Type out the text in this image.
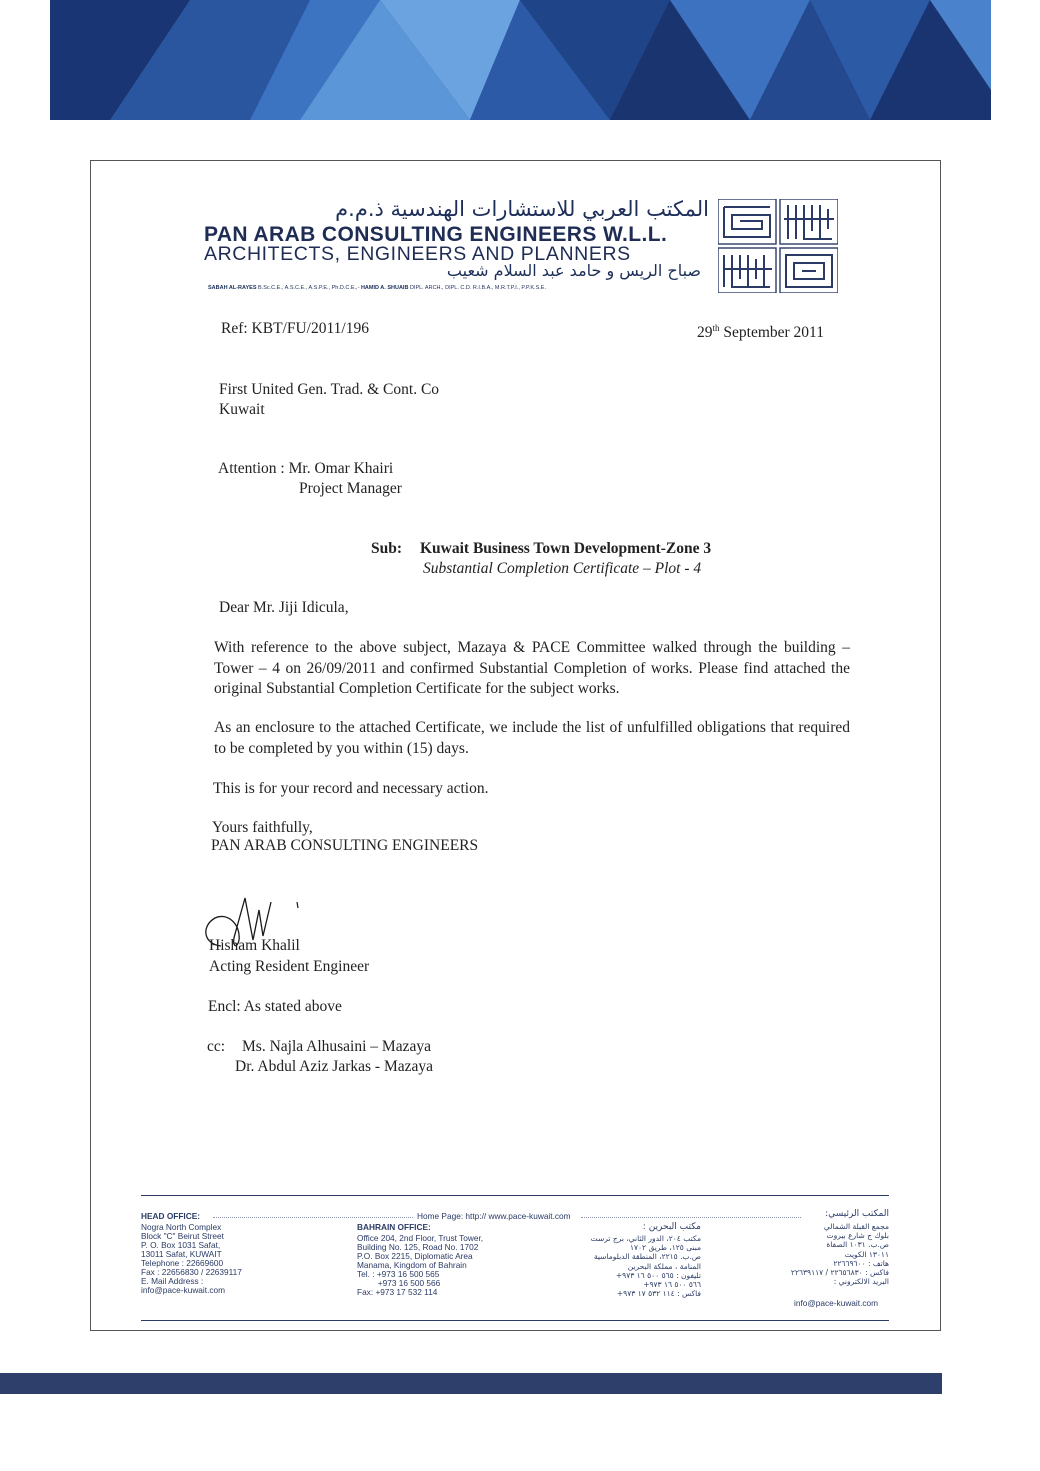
المكتب العربي للاستشارات الهندسية ذ.م.م
PAN ARAB CONSULTING ENGINEERS W.L.L.
ARCHITECTS, ENGINEERS AND PLANNERS
صباح الريس و حامد عبد السلام شعيب
SABAH AL-RAYES B.Sc.C.E., A.S.C.E., A.S.P.E., Ph.D.C.E.,- HAMID A. SHUAIB DIPL. ARCH., DIPL. C.D. R.I.B.A., M.R.T.P.I., P.P.K.S.E.
Ref: KBT/FU/2011/196	29th September 2011
First United Gen. Trad. & Cont. Co
Kuwait
Attention : Mr. Omar Khairi
Project Manager
Sub: Kuwait Business Town Development-Zone 3
Substantial Completion Certificate – Plot - 4
Dear Mr. Jiji Idicula,
With reference to the above subject, Mazaya & PACE Committee walked through the building – Tower – 4 on 26/09/2011 and confirmed Substantial Completion of works. Please find attached the original Substantial Completion Certificate for the subject works.
As an enclosure to the attached Certificate, we include the list of unfulfilled obligations that required to be completed by you within (15) days.
This is for your record and necessary action.
Yours faithfully,
PAN ARAB CONSULTING ENGINEERS
Hisham Khalil
Acting Resident Engineer
Encl: As stated above
cc: Ms. Najla Alhusaini – Mazaya
Dr. Abdul Aziz Jarkas - Mazaya
HEAD OFFICE:	Home Page: http:// www.pace-kuwait.com
Nogra North Complex
Block "C" Beirut Street
P. O. Box 1031 Safat,
13011 Safat, KUWAIT
Telephone : 22669600
Fax : 22656830 / 22639117
E. Mail Address :
info@pace-kuwait.com
BAHRAIN OFFICE:
Office 204, 2nd Floor, Trust Tower,
Building No. 125, Road No. 1702
P.O. Box 2215, Diplomatic Area
Manama, Kingdom of Bahrain
Tel. : +973 16 500 565
+973 16 500 566
Fax: +973 17 532 114
مكتب البحرين :
مكتب ٢٠٤، الدور الثاني، برج ترست
مبنى ١٢٥، طريق ١٧٠٢
ص.ب. ٢٢١٥، المنطقة الدبلوماسية
المنامة ، مملكة البحرين
تليفون : ٥٦٥ ٥٠٠ ١٦ ٩٧٣+
٥٦٦ ٥٠٠ ١٦ ٩٧٣+
فاكس : ١١٤ ٥٣٢ ١٧ ٩٧٣+
المكتب الرئيسي:
مجمع القبلة الشمالي
بلوك ج شارع بيروت
ص.ب. ١٠٣١ الصفاة
١٣٠١١ الكويت
هاتف : ٢٢٦٦٩٦٠٠
فاكس : ٢٢٦٥٦٨٣٠ / ٢٢٦٣٩١١٧
البريد الالكتروني :
info@pace-kuwait.com
